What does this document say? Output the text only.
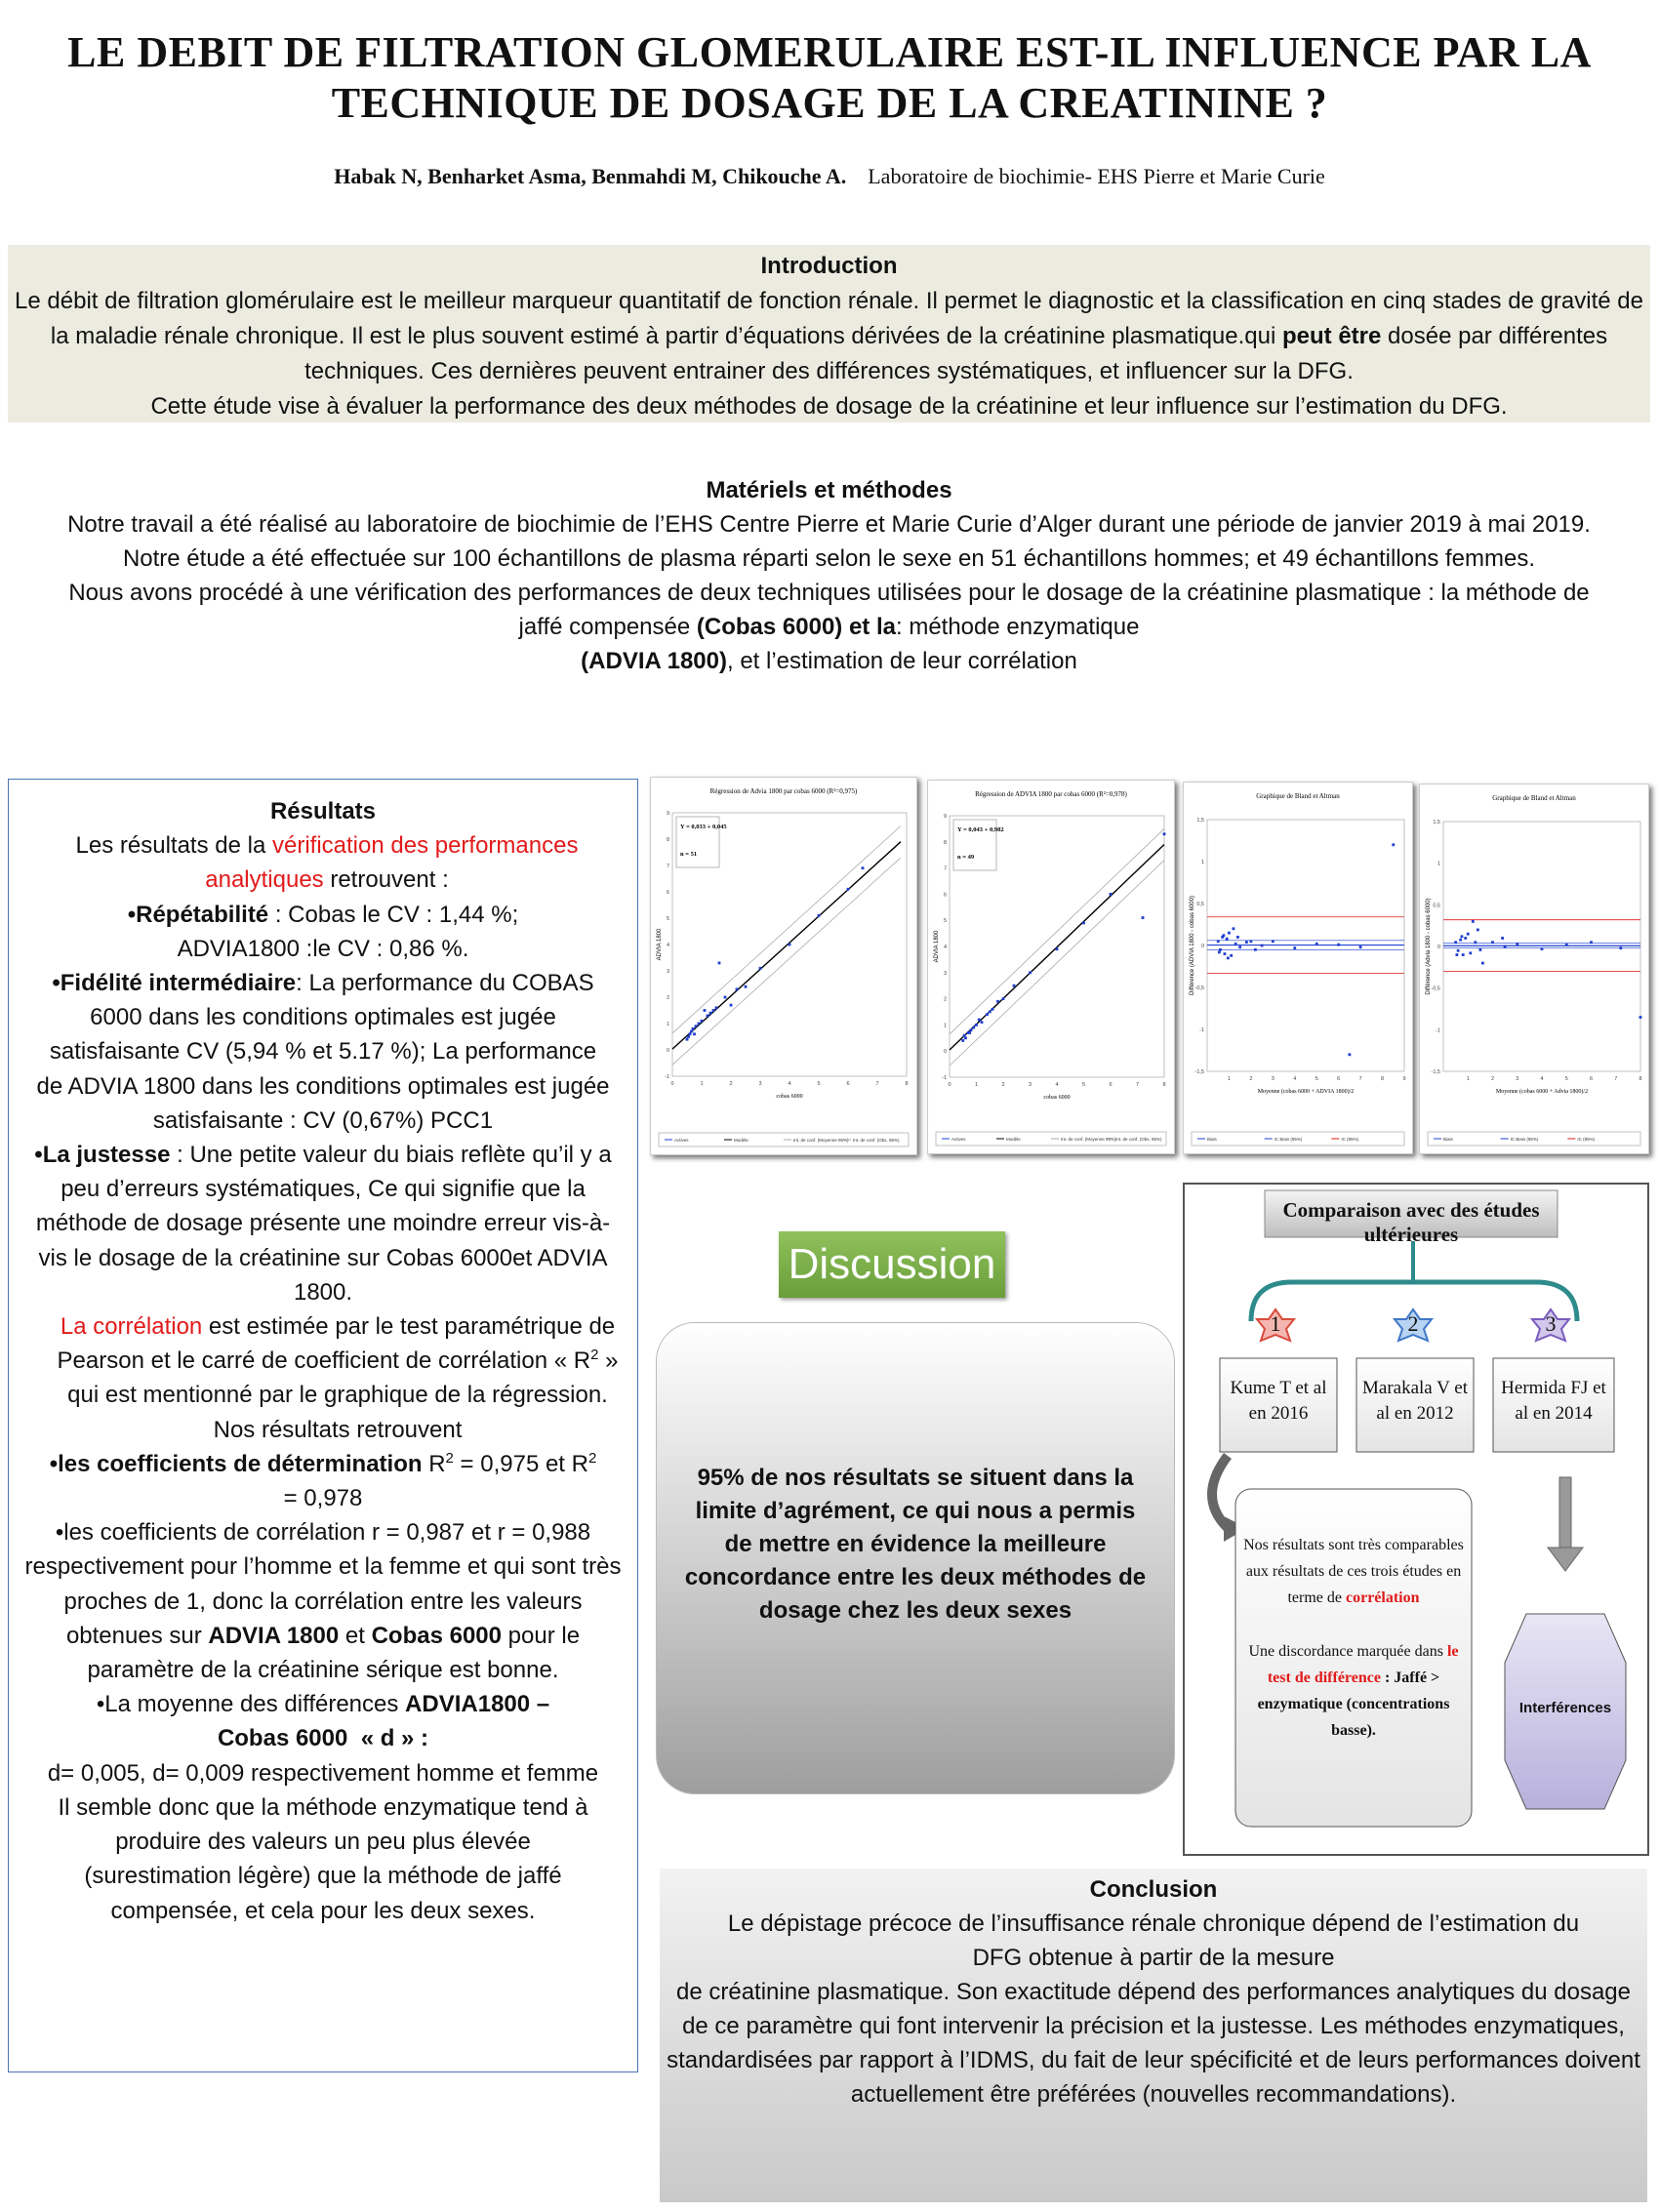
LE DEBIT DE FILTRATION GLOMERULAIRE EST-IL INFLUENCE PAR LA
TECHNIQUE DE DOSAGE DE LA CREATININE ?
Habak N, Benharket Asma, Benmahdi M, Chikouche A. Laboratoire de biochimie- EHS Pierre et Marie Curie
Introduction
Le débit de filtration glomérulaire est le meilleur marqueur quantitatif de fonction rénale. Il permet le diagnostic et la classification en cinq stades de gravité de la maladie rénale chronique. Il est le plus souvent estimé à partir d’équations dérivées de la créatinine plasmatique.qui peut être dosée par différentes techniques. Ces dernières peuvent entrainer des différences systématiques, et influencer sur la DFG.
Cette étude vise à évaluer la performance des deux méthodes de dosage de la créatinine et leur influence sur l’estimation du DFG.
Matériels et méthodes
Notre travail a été réalisé au laboratoire de biochimie de l’EHS Centre Pierre et Marie Curie d’Alger durant une période de janvier 2019 à mai 2019.
Notre étude a été effectuée sur 100 échantillons de plasma réparti selon le sexe en 51 échantillons hommes; et 49 échantillons femmes.
Nous avons procédé à une vérification des performances de deux techniques utilisées pour le dosage de la créatinine plasmatique : la méthode de jaffé compensée (Cobas 6000) et la: méthode enzymatique
(ADVIA 1800), et l’estimation de leur corrélation
Résultats
Les résultats de la vérification des performances analytiques retrouvent :
•Répétabilité : Cobas le CV : 1,44 %; ADVIA1800 :le CV : 0,86 %.
•Fidélité intermédiaire: La performance du COBAS 6000 dans les conditions optimales est jugée satisfaisante CV (5,94 % et 5.17 %); La performance de ADVIA 1800 dans les conditions optimales est jugée satisfaisante : CV (0,67%) PCC1
•La justesse : Une petite valeur du biais reflète qu’il y a peu d’erreurs systématiques, Ce qui signifie que la méthode de dosage présente une moindre erreur vis-à-vis le dosage de la créatinine sur Cobas 6000et ADVIA 1800.
La corrélation est estimée par le test paramétrique de Pearson et le carré de coefficient de corrélation « $R^2$ » qui est mentionné par le graphique de la régression. Nos résultats retrouvent
•les coefficients de détermination $R^2 = 0,975$ et $R^2 = 0,978$
•les coefficients de corrélation r = 0,987 et r = 0,988 respectivement pour l’homme et la femme et qui sont très proches de 1, donc la corrélation entre les valeurs obtenues sur ADVIA 1800 et Cobas 6000 pour le paramètre de la créatinine sérique est bonne.
•La moyenne des différences ADVIA1800 – Cobas 6000 « d » :
d= 0,005, d= 0,009 respectivement homme et femme
Il semble donc que la méthode enzymatique tend à produire des valeurs un peu plus élevée (surestimation légère) que la méthode de jaffé compensée, et cela pour les deux sexes.
Régression de Advia 1800 par cobas 6000 (R²=0,975)
0	1	2	3	4	5	6	7	8
-1
0
1
2
3
4
5
6
7
8
9
cobas 6000
ADVIA 1800
Y = 0,033 + 0,045
n = 51
Actives	Modèle	Int. de conf. (Moyenne 95%) Int. de conf. (Obs. 95%)
Régression de ADVIA 1800 par cobas 6000 (R²=0,978)
0	1	2	3	4	5	6	7	8
-1
0
1
2
3
4
5
6
7
8
9
cobas 6000
ADVIA 1800
Y = 0,043 + 0,982
n = 49
Actives	Modèle	Int. de conf. (Moyenne 95%) Int. de conf. (Obs. 95%)
Graphique de Bland et Altman
1	2	3	4	5	6	7	8	9
1,5
1
0,5
0
-0,5
-1
-1,5
Moyenne (cobas 6000 + ADVIA 1800)/2
Différence (ADVIA 1800 - cobas 6000)
Biais	IC Biais (95%)	IC (95%)
Graphique de Bland et Altman
1	2	3	4	5	6	7	8
1,5
1
0,5
0
-0,5
-1
-1,5
Moyenne (cobas 6000 + Advia 1800)/2
Différence (Advia 1800 - cobas 6000)
Biais	IC Biais (95%)	IC (95%)
Discussion
95% de nos résultats se situent dans la limite d’agrément, ce qui nous a permis de mettre en évidence la meilleure concordance entre les deux méthodes de dosage chez les deux sexes
Comparaison avec des études ultérieures
1	2	3
Kume T et al en 2016
Marakala V et al en 2012
Hermida FJ et al en 2014
Nos résultats sont très comparables aux résultats de ces trois études en terme de corrélation
Une discordance marquée dans le test de différence : Jaffé > enzymatique (concentrations basse).
Interférences
Conclusion
Le dépistage précoce de l’insuffisance rénale chronique dépend de l’estimation du DFG obtenue à partir de la mesure
de créatinine plasmatique. Son exactitude dépend des performances analytiques du dosage de ce paramètre qui font intervenir la précision et la justesse. Les méthodes enzymatiques, standardisées par rapport à l’IDMS, du fait de leur spécificité et de leurs performances doivent actuellement être préférées (nouvelles recommandations).
